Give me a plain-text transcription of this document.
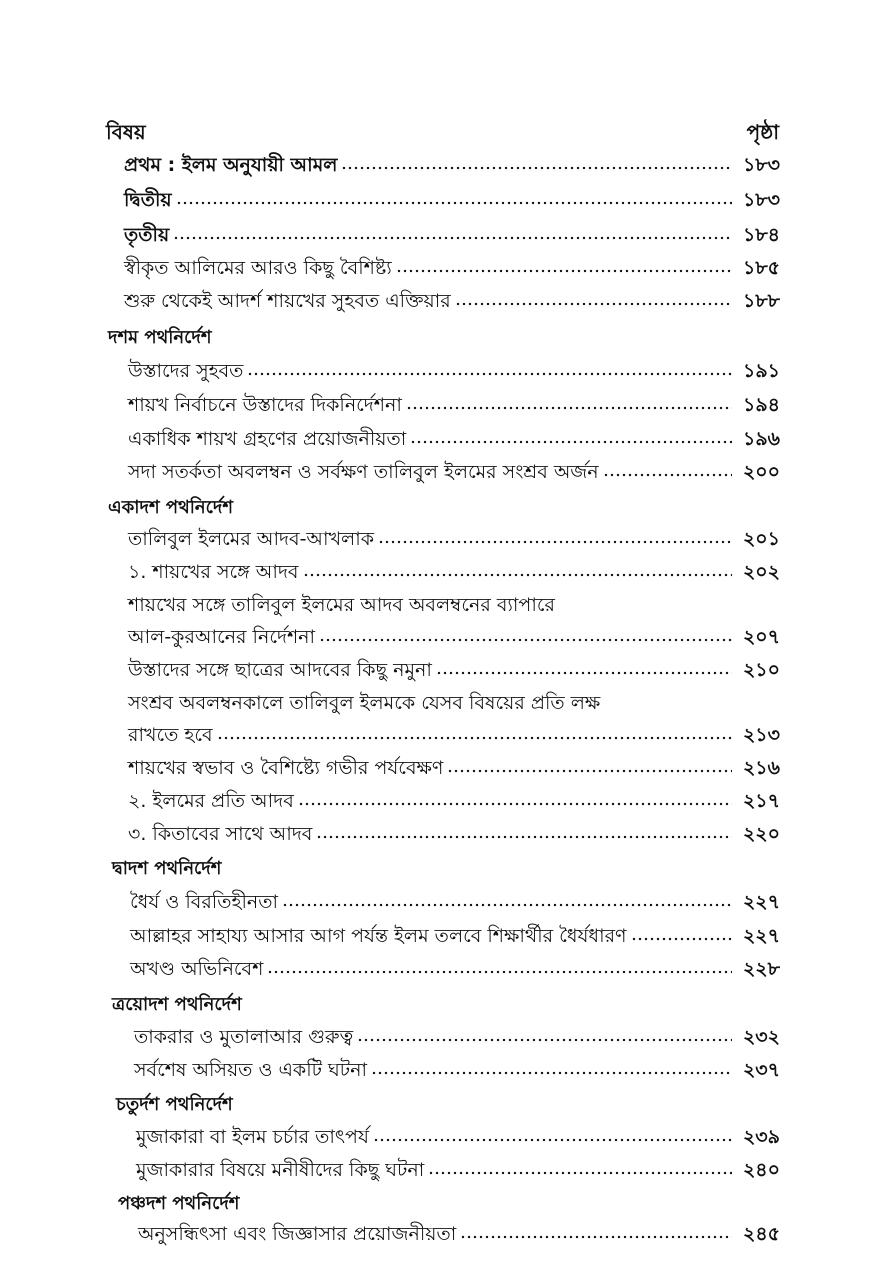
বিষয়	পৃষ্ঠা
প্রথম : ইলম অনুযায়ী আমল	১৮৩
দ্বিতীয়	১৮৩
তৃতীয়	১৮৪
স্বীকৃত আলিমের আরও কিছু বৈশিষ্ট্য	১৮৫
শুরু থেকেই আদর্শ শায়খের সুহবত এক্তিয়ার	১৮৮
দশম পথনির্দেশ
উস্তাদের সুহবত	১৯১
শায়খ নির্বাচনে উস্তাদের দিকনির্দেশনা	১৯৪
একাধিক শায়খ গ্রহণের প্রয়োজনীয়তা	১৯৬
সদা সতর্কতা অবলম্বন ও সর্বক্ষণ তালিবুল ইলমের সংশ্রব অর্জন	২০০
একাদশ পথনির্দেশ
তালিবুল ইলমের আদব-আখলাক	২০১
১. শায়খের সঙ্গে আদব	২০২
শায়খের সঙ্গে তালিবুল ইলমের আদব অবলম্বনের ব্যাপারে
আল-কুরআনের নির্দেশনা	২০৭
উস্তাদের সঙ্গে ছাত্রের আদবের কিছু নমুনা	২১০
সংশ্রব অবলম্বনকালে তালিবুল ইলমকে যেসব বিষয়ের প্রতি লক্ষ
রাখতে হবে	২১৩
শায়খের স্বভাব ও বৈশিষ্ট্যে গভীর পর্যবেক্ষণ	২১৬
২. ইলমের প্রতি আদব	২১৭
৩. কিতাবের সাথে আদব	২২০
দ্বাদশ পথনির্দেশ
ধৈর্য ও বিরতিহীনতা	২২৭
আল্লাহর সাহায্য আসার আগ পর্যন্ত ইলম তলবে শিক্ষার্থীর ধৈর্যধারণ	২২৭
অখণ্ড অভিনিবেশ	২২৮
ত্রয়োদশ পথনির্দেশ
তাকরার ও মুতালাআর গুরুত্ব	২৩২
সর্বশেষ অসিয়ত ও একটি ঘটনা	২৩৭
চতুর্দশ পথনির্দেশ
মুজাকারা বা ইলম চর্চার তাৎপর্য	২৩৯
মুজাকারার বিষয়ে মনীষীদের কিছু ঘটনা	২৪০
পঞ্চদশ পথনির্দেশ
অনুসন্ধিৎসা এবং জিজ্ঞাসার প্রয়োজনীয়তা	২৪৫
